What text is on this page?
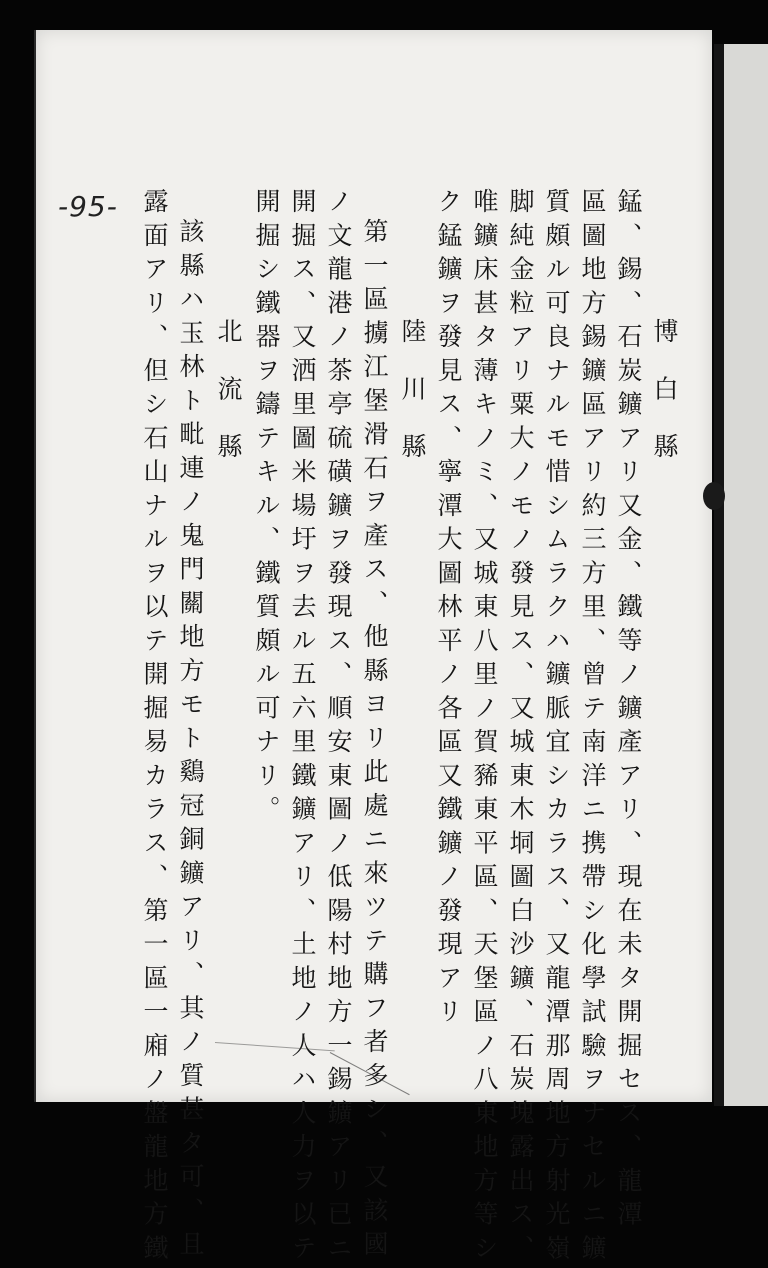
-95-
博白縣
錳、錫、石炭鑛アリ又金、鐵等ノ鑛產アリ、現在未タ開掘セス、龍潭
區圖地方錫鑛區アリ約三方里、曾テ南洋ニ携帶シ化學試驗ヲナセルニ鑛
質頗ル可良ナルモ惜シムラクハ鑛脈宜シカラス、又龍潭那周地方射光嶺
脚純金粒アリ粟大ノモノ發見ス、又城東木垌圖白沙鑛、石炭塊露出ス、
唯鑛床甚タ薄キノミ、又城東八里ノ賀豨東平區、天堡區ノ八東地方等シ
ク錳鑛ヲ發見ス、寧潭大圖林平ノ各區又鐵鑛ノ發現アリ
陸川縣
第一區擄江堡滑石ヲ產ス、他縣ヨリ此處ニ來ツテ購フ者多シ、又該國
ノ文龍港ノ茶亭硫磺鑛ヲ發現ス、順安東圖ノ低陽村地方一錫鑛アリ已ニ
開掘ス、又洒里圖米場圩ヲ去ル五六里鐵鑛アリ、土地ノ人ハ人力ヲ以テ
開掘シ鐵器ヲ鑄テキル、鐵質頗ル可ナリ。
北流縣
該縣ハ玉林ト毗連ノ鬼門關地方モト鷄冠銅鑛アリ、其ノ質甚タ可、且
露面アリ、但シ石山ナルヲ以テ開掘易カラス、第一區一廂ノ盤龍地方鐵
